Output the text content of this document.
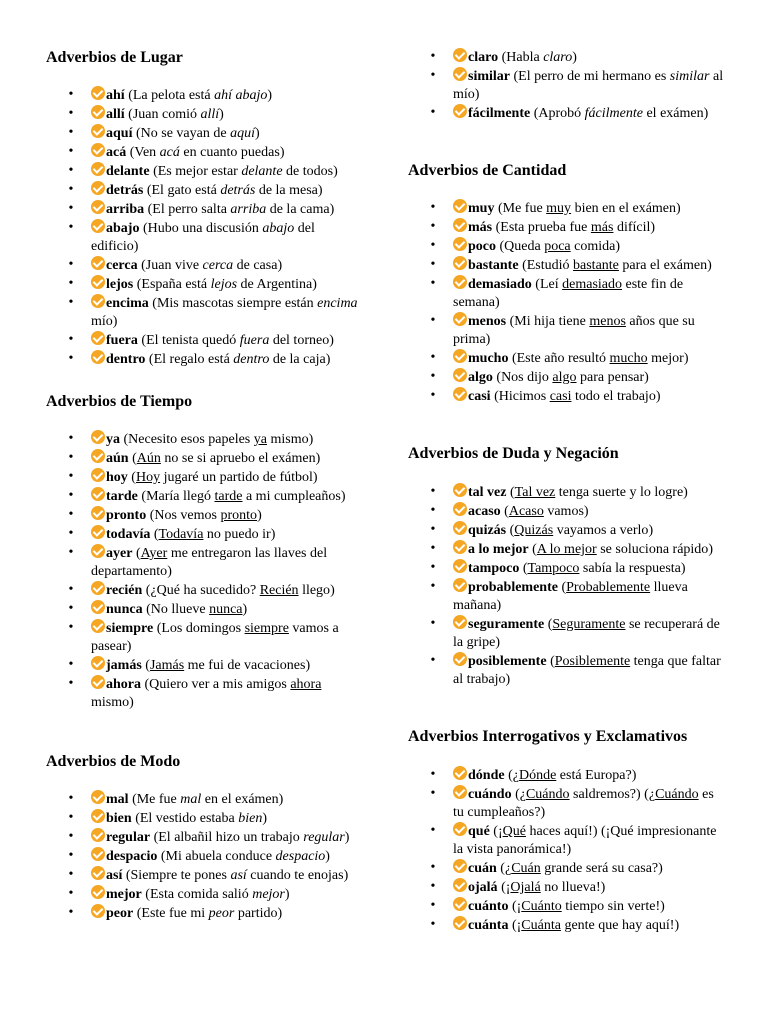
Adverbios de Lugar
• ahí (La pelota está ahí abajo)
• allí (Juan comió allí)
• aquí (No se vayan de aquí)
• acá (Ven acá en cuanto puedas)
• delante (Es mejor estar delante de todos)
• detrás (El gato está detrás de la mesa)
• arriba (El perro salta arriba de la cama)
• abajo (Hubo una discusión abajo del edificio)
• cerca (Juan vive cerca de casa)
• lejos (España está lejos de Argentina)
• encima (Mis mascotas siempre están encima mío)
• fuera (El tenista quedó fuera del torneo)
• dentro (El regalo está dentro de la caja)
Adverbios de Tiempo
• ya (Necesito esos papeles ya mismo)
• aún (Aún no se si apruebo el exámen)
• hoy (Hoy jugaré un partido de fútbol)
• tarde (María llegó tarde a mi cumpleaños)
• pronto (Nos vemos pronto)
• todavía (Todavía no puedo ir)
• ayer (Ayer me entregaron las llaves del departamento)
• recién (¿Qué ha sucedido? Recién llego)
• nunca (No llueve nunca)
• siempre (Los domingos siempre vamos a pasear)
• jamás (Jamás me fui de vacaciones)
• ahora (Quiero ver a mis amigos ahora mismo)
Adverbios de Modo
• mal (Me fue mal en el exámen)
• bien (El vestido estaba bien)
• regular (El albañil hizo un trabajo regular)
• despacio (Mi abuela conduce despacio)
• así (Siempre te pones así cuando te enojas)
• mejor (Esta comida salió mejor)
• peor (Este fue mi peor partido)
• claro (Habla claro)
• similar (El perro de mi hermano es similar al mío)
• fácilmente (Aprobó fácilmente el exámen)
Adverbios de Cantidad
• muy (Me fue muy bien en el exámen)
• más (Esta prueba fue más difícil)
• poco (Queda poca comida)
• bastante (Estudió bastante para el exámen)
• demasiado (Leí demasiado este fin de semana)
• menos (Mi hija tiene menos años que su prima)
• mucho (Este año resultó mucho mejor)
• algo (Nos dijo algo para pensar)
• casi (Hicimos casi todo el trabajo)
Adverbios de Duda y Negación
• tal vez (Tal vez tenga suerte y lo logre)
• acaso (Acaso vamos)
• quizás (Quizás vayamos a verlo)
• a lo mejor (A lo mejor se soluciona rápido)
• tampoco (Tampoco sabía la respuesta)
• probablemente (Probablemente llueva mañana)
• seguramente (Seguramente se recuperará de la gripe)
• posiblemente (Posiblemente tenga que faltar al trabajo)
Adverbios Interrogativos y Exclamativos
• dónde (¿Dónde está Europa?)
• cuándo (¿Cuándo saldremos?) (¿Cuándo es tu cumpleaños?)
• qué (¡Qué haces aquí!) (¡Qué impresionante la vista panorámica!)
• cuán (¿Cuán grande será su casa?)
• ojalá (¡Ojalá no llueva!)
• cuánto (¡Cuánto tiempo sin verte!)
• cuánta (¡Cuánta gente que hay aquí!)
